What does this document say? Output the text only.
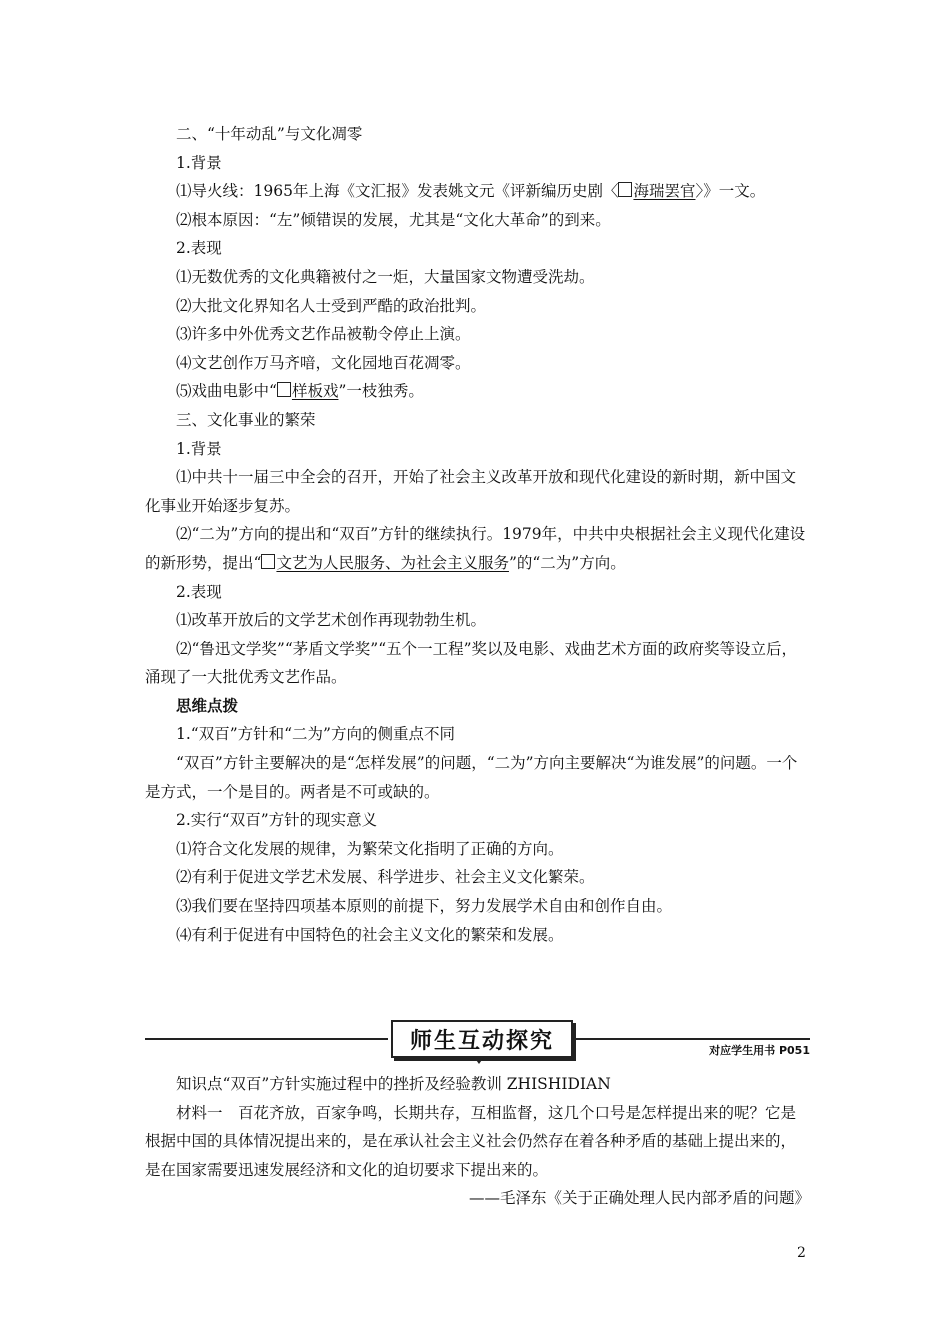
二、“十年动乱”与文化凋零

1.背景

⑴导火线：1965年上海《文汇报》发表姚文元《评新编历史剧〈 海瑞罢官〉》一文。

⑵根本原因：“左”倾错误的发展，尤其是“文化大革命”的到来。

2.表现

⑴无数优秀的文化典籍被付之一炬，大量国家文物遭受洗劫。

⑵大批文化界知名人士受到严酷的政治批判。

⑶许多中外优秀文艺作品被勒令停止上演。

⑷文艺创作万马齐喑，文化园地百花凋零。

⑸戏曲电影中“ 样板戏”一枝独秀。

三、文化事业的繁荣

1.背景

⑴中共十一届三中全会的召开，开始了社会主义改革开放和现代化建设的新时期，新中国文化事业开始逐步复苏。

⑵“二为”方向的提出和“双百”方针的继续执行。1979年，中共中央根据社会主义现代化建设的新形势，提出“ 文艺为人民服务、为社会主义服务”的“二为”方向。

2.表现

⑴改革开放后的文学艺术创作再现勃勃生机。

⑵“鲁迅文学奖”“茅盾文学奖”“五个一工程”奖以及电影、戏曲艺术方面的政府奖等设立后，涌现了一大批优秀文艺作品。

思维点拨

1.“双百”方针和“二为”方向的侧重点不同

“双百”方针主要解决的是“怎样发展”的问题，“二为”方向主要解决“为谁发展”的问题。一个是方式，一个是目的。两者是不可或缺的。

2.实行“双百”方针的现实意义

⑴符合文化发展的规律，为繁荣文化指明了正确的方向。

⑵有利于促进文学艺术发展、科学进步、社会主义文化繁荣。

⑶我们要在坚持四项基本原则的前提下，努力发展学术自由和创作自由。

⑷有利于促进有中国特色的社会主义文化的繁荣和发展。

师生互动探究	对应学生用书 P051

知识点“双百”方针实施过程中的挫折及经验教训 ZHISHIDIAN

材料一　百花齐放，百家争鸣，长期共存，互相监督，这几个口号是怎样提出来的呢？它是根据中国的具体情况提出来的，是在承认社会主义社会仍然存在着各种矛盾的基础上提出来的，是在国家需要迅速发展经济和文化的迫切要求下提出来的。

——毛泽东《关于正确处理人民内部矛盾的问题》

2
